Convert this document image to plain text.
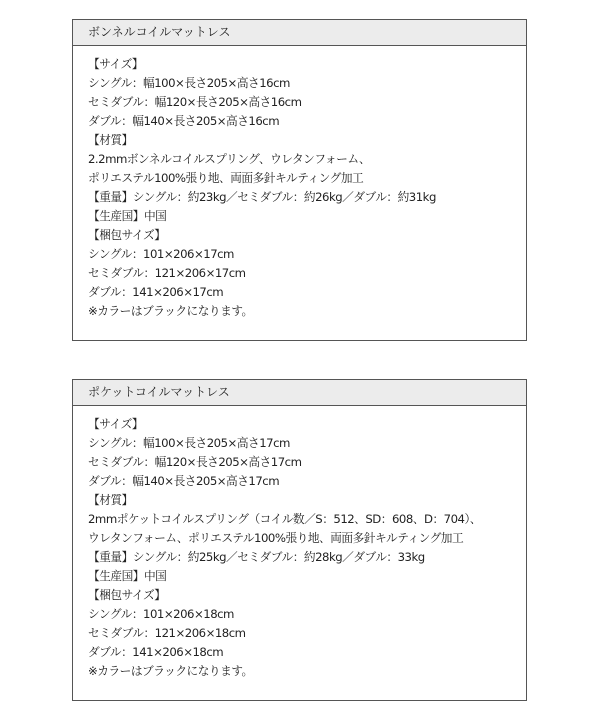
ボンネルコイルマットレス
【サイズ】
シングル：幅100×長さ205×高さ16cm
セミダブル：幅120×長さ205×高さ16cm
ダブル：幅140×長さ205×高さ16cm
【材質】
2.2mmボンネルコイルスプリング、ウレタンフォーム、
ポリエステル100%張り地、両面多針キルティング加工
【重量】シングル：約23kg／セミダブル：約26kg／ダブル：約31kg
【生産国】中国
【梱包サイズ】
シングル：101×206×17cm
セミダブル：121×206×17cm
ダブル：141×206×17cm
※カラーはブラックになります。
ポケットコイルマットレス
【サイズ】
シングル：幅100×長さ205×高さ17cm
セミダブル：幅120×長さ205×高さ17cm
ダブル：幅140×長さ205×高さ17cm
【材質】
2mmポケットコイルスプリング（コイル数／S：512、SD：608、D：704）、
ウレタンフォーム、ポリエステル100%張り地、両面多針キルティング加工
【重量】シングル：約25kg／セミダブル：約28kg／ダブル：33kg
【生産国】中国
【梱包サイズ】
シングル：101×206×18cm
セミダブル：121×206×18cm
ダブル：141×206×18cm
※カラーはブラックになります。
